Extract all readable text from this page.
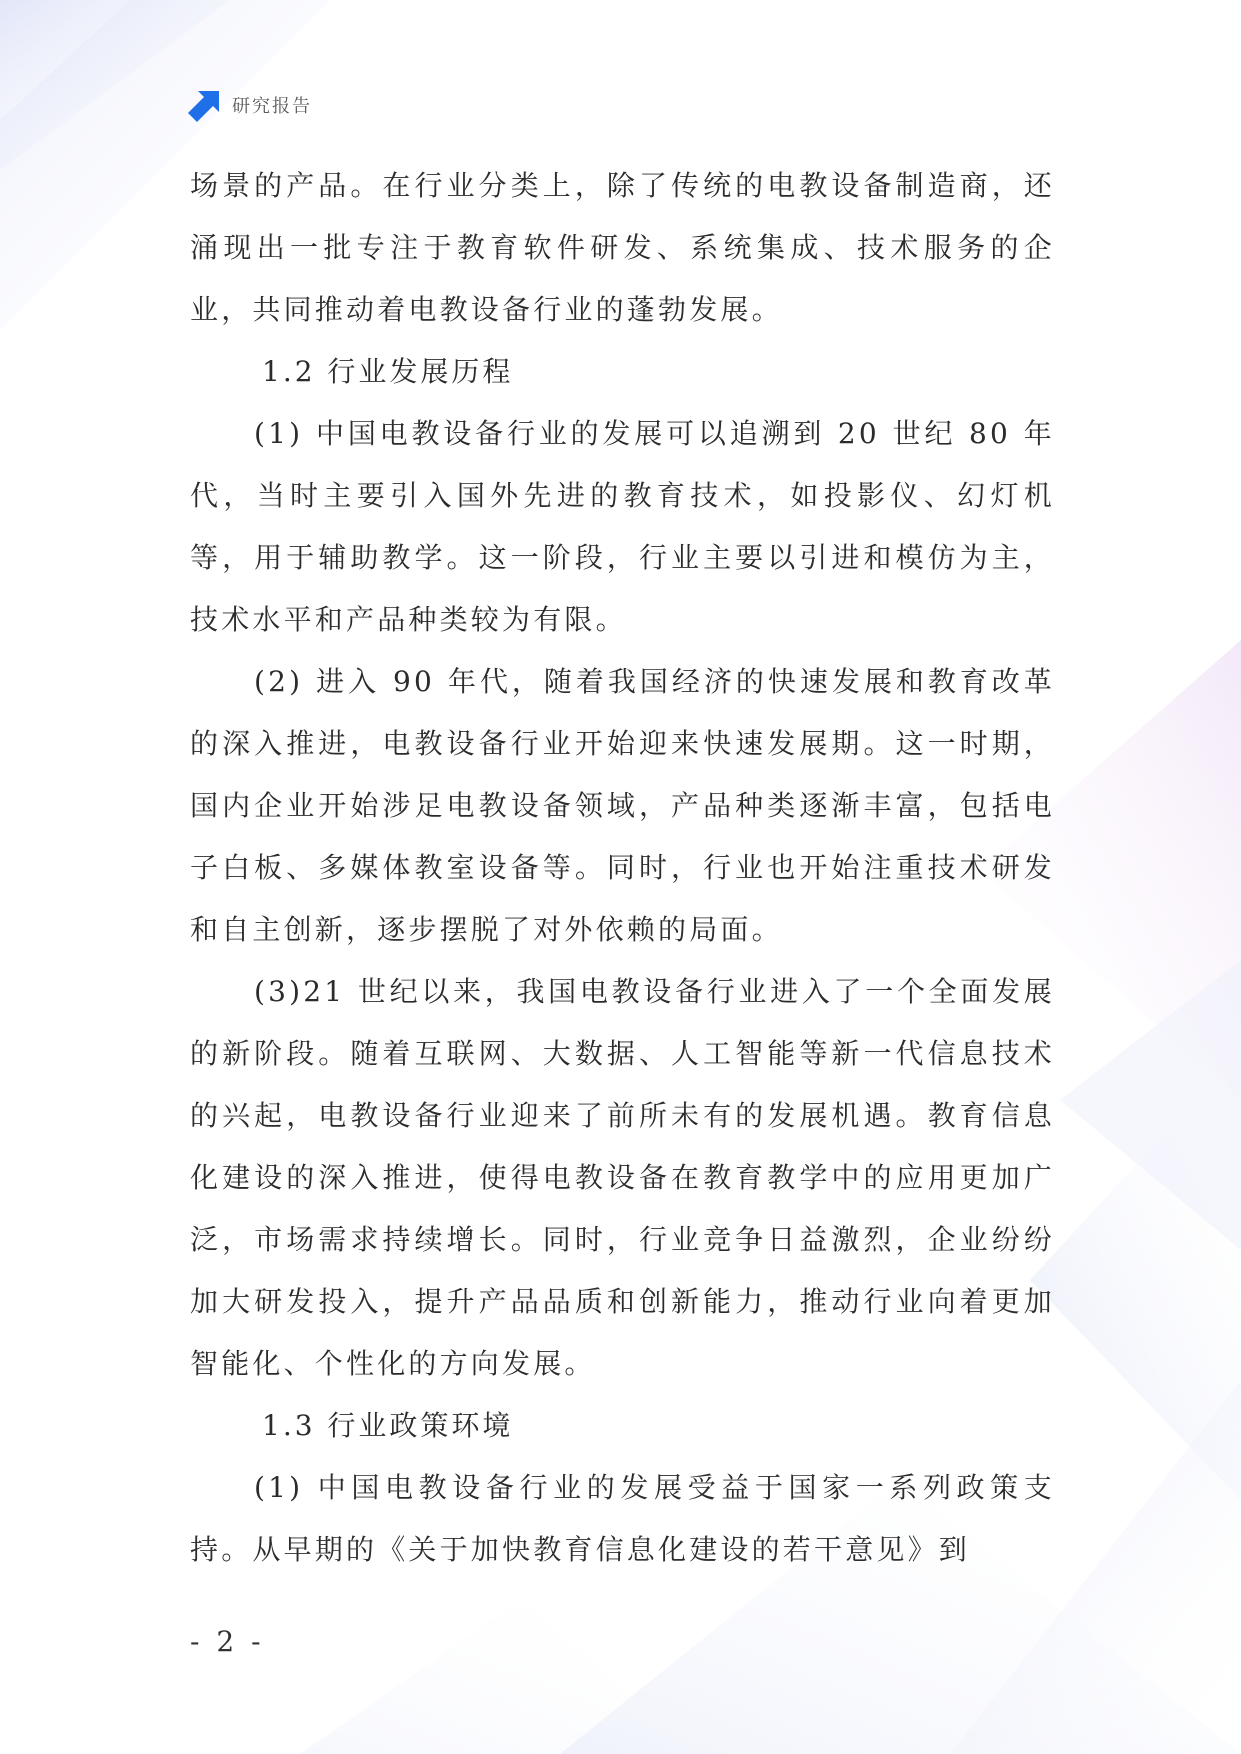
研究报告

场景的产品。在行业分类上，除了传统的电教设备制造商，还涌现出一批专注于教育软件研发、系统集成、技术服务的企业，共同推动着电教设备行业的蓬勃发展。

1.2 行业发展历程

(1) 中国电教设备行业的发展可以追溯到 20 世纪 80 年代，当时主要引入国外先进的教育技术，如投影仪、幻灯机等，用于辅助教学。这一阶段，行业主要以引进和模仿为主，技术水平和产品种类较为有限。

(2) 进入 90 年代，随着我国经济的快速发展和教育改革的深入推进，电教设备行业开始迎来快速发展期。这一时期，国内企业开始涉足电教设备领域，产品种类逐渐丰富，包括电子白板、多媒体教室设备等。同时，行业也开始注重技术研发和自主创新，逐步摆脱了对外依赖的局面。

(3)21 世纪以来，我国电教设备行业进入了一个全面发展的新阶段。随着互联网、大数据、人工智能等新一代信息技术的兴起，电教设备行业迎来了前所未有的发展机遇。教育信息化建设的深入推进，使得电教设备在教育教学中的应用更加广泛，市场需求持续增长。同时，行业竞争日益激烈，企业纷纷加大研发投入，提升产品品质和创新能力，推动行业向着更加智能化、个性化的方向发展。

1.3 行业政策环境

(1) 中国电教设备行业的发展受益于国家一系列政策支持。从早期的《关于加快教育信息化建设的若干意见》到

- 2 -
